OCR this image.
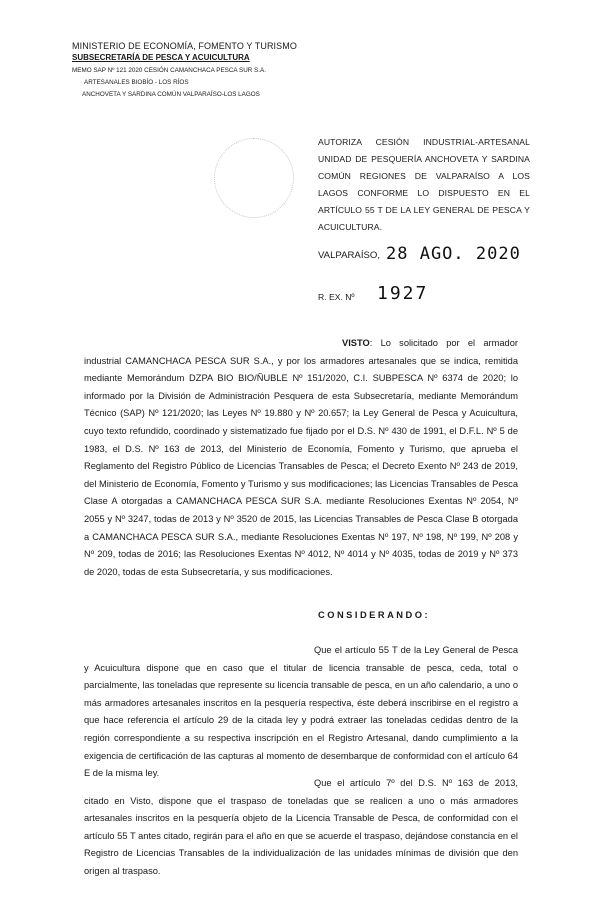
MINISTERIO DE ECONOMÍA, FOMENTO Y TURISMO
SUBSECRETARÍA DE PESCA Y ACUICULTURA
MEMO SAP Nº 121 2020 CESIÓN CAMANCHACA PESCA SUR S.A.
ARTESANALES BIOBÍO - LOS RÍOS
ANCHOVETA Y SARDINA COMÚN VALPARAÍSO-LOS LAGOS
AUTORIZA CESIÓN INDUSTRIAL-ARTESANAL UNIDAD DE PESQUERÍA ANCHOVETA Y SARDINA COMÚN REGIONES DE VALPARAÍSO A LOS LAGOS CONFORME LO DISPUESTO EN EL ARTÍCULO 55 T DE LA LEY GENERAL DE PESCA Y ACUICULTURA.
VALPARAÍSO, 28 AGO. 2020
R. EX. Nº 1927
VISTO: Lo solicitado por el armador industrial CAMANCHACA PESCA SUR S.A., y por los armadores artesanales que se indica, remitida mediante Memorándum DZPA BIO BIO/ÑUBLE Nº 151/2020, C.I. SUBPESCA Nº 6374 de 2020; lo informado por la División de Administración Pesquera de esta Subsecretaría, mediante Memorándum Técnico (SAP) Nº 121/2020; las Leyes Nº 19.880 y Nº 20.657; la Ley General de Pesca y Acuicultura, cuyo texto refundido, coordinado y sistematizado fue fijado por el D.S. Nº 430 de 1991, el D.F.L. Nº 5 de 1983, el D.S. Nº 163 de 2013, del Ministerio de Economía, Fomento y Turismo, que aprueba el Reglamento del Registro Público de Licencias Transables de Pesca; el Decreto Exento Nº 243 de 2019, del Ministerio de Economía, Fomento y Turismo y sus modificaciones; las Licencias Transables de Pesca Clase A otorgadas a CAMANCHACA PESCA SUR S.A. mediante Resoluciones Exentas Nº 2054, Nº 2055 y Nº 3247, todas de 2013 y Nº 3520 de 2015, las Licencias Transables de Pesca Clase B otorgada a CAMANCHACA PESCA SUR S.A., mediante Resoluciones Exentas Nº 197, Nº 198, Nº 199, Nº 208 y Nº 209, todas de 2016; las Resoluciones Exentas Nº 4012, Nº 4014 y Nº 4035, todas de 2019 y Nº 373 de 2020, todas de esta Subsecretaría, y sus modificaciones.
CONSIDERANDO:
Que el artículo 55 T de la Ley General de Pesca y Acuicultura dispone que en caso que el titular de licencia transable de pesca, ceda, total o parcialmente, las toneladas que represente su licencia transable de pesca, en un año calendario, a uno o más armadores artesanales inscritos en la pesquería respectiva, éste deberá inscribirse en el registro a que hace referencia el artículo 29 de la citada ley y podrá extraer las toneladas cedidas dentro de la región correspondiente a su respectiva inscripción en el Registro Artesanal, dando cumplimiento a la exigencia de certificación de las capturas al momento de desembarque de conformidad con el artículo 64 E de la misma ley.
Que el artículo 7º del D.S. Nº 163 de 2013, citado en Visto, dispone que el traspaso de toneladas que se realicen a uno o más armadores artesanales inscritos en la pesquería objeto de la Licencia Transable de Pesca, de conformidad con el artículo 55 T antes citado, regirán para el año en que se acuerde el traspaso, dejándose constancia en el Registro de Licencias Transables de la individualización de las unidades mínimas de división que den origen al traspaso.
